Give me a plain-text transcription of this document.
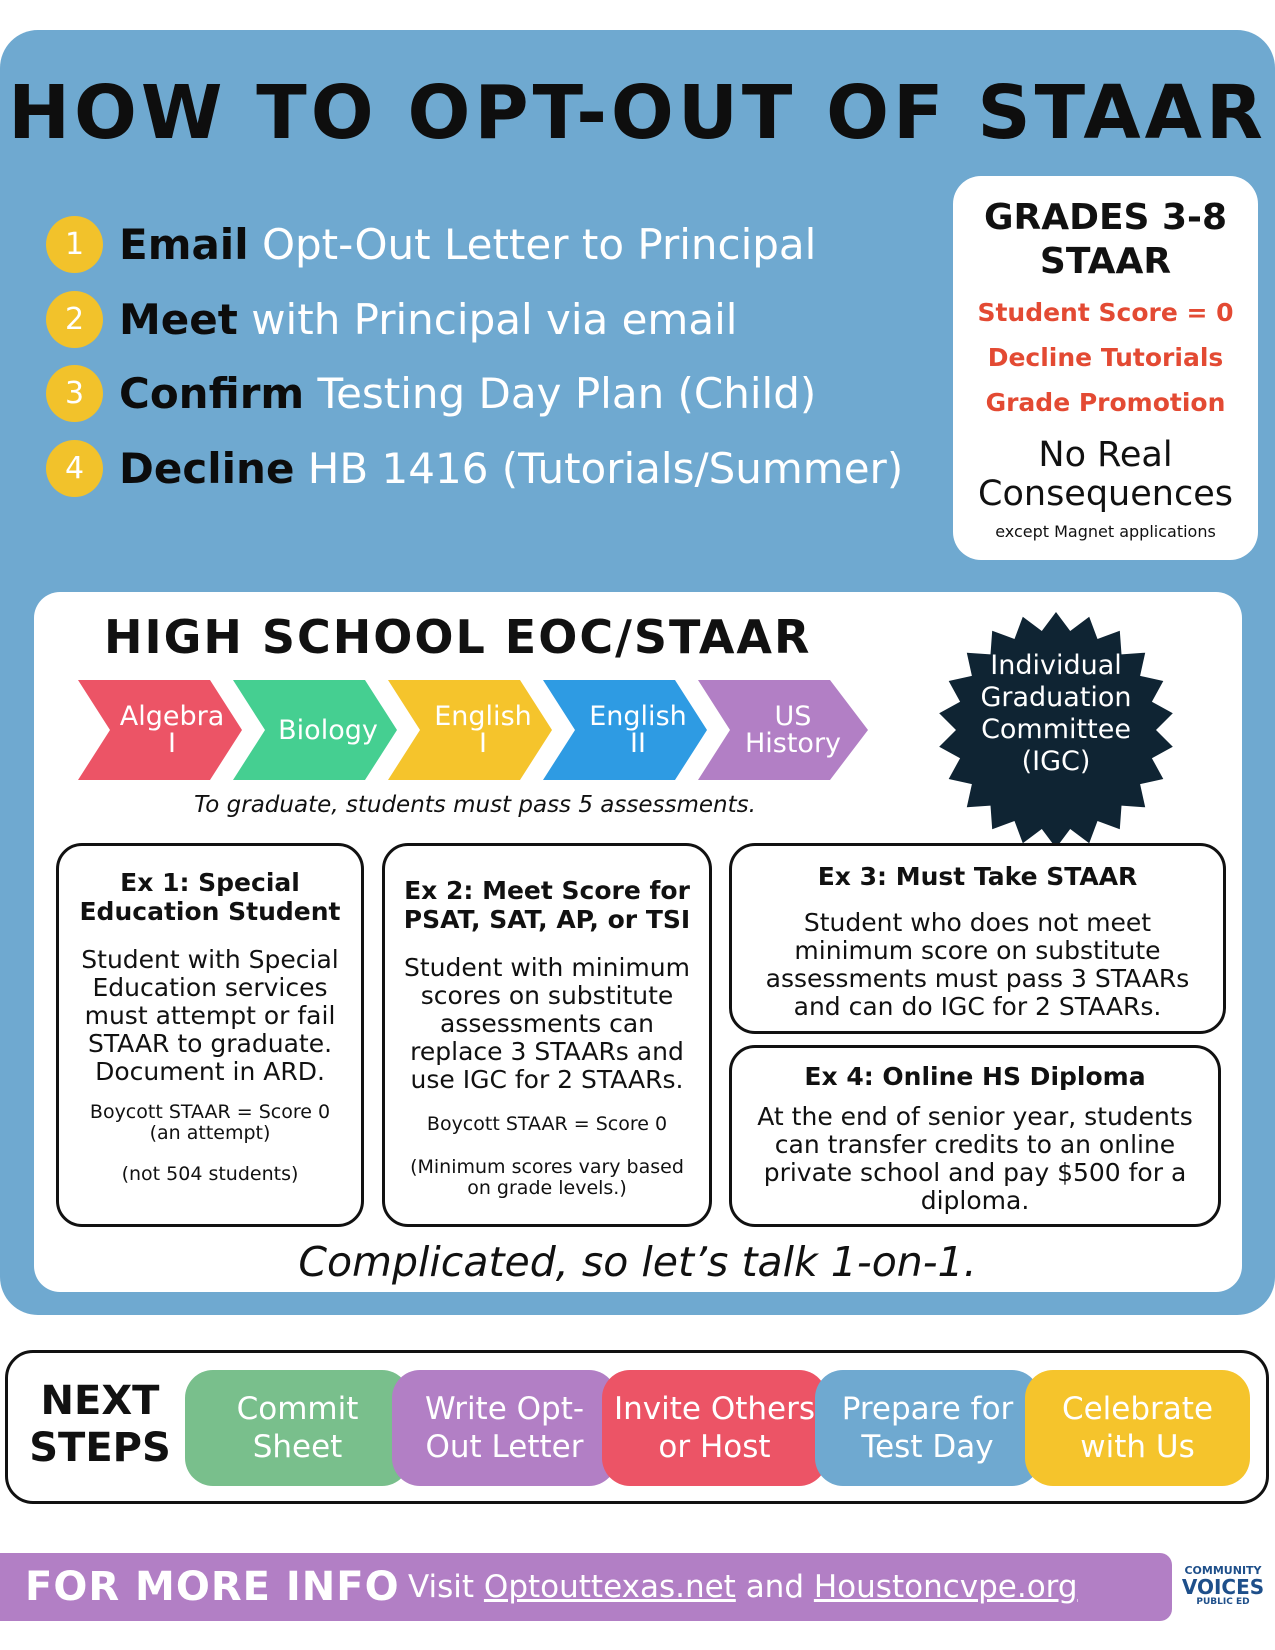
HOW TO OPT-OUT OF STAAR
1 Email Opt-Out Letter to Principal
2 Meet with Principal via email
3 Confirm Testing Day Plan (Child)
4 Decline HB 1416 (Tutorials/Summer)
GRADES 3-8
STAAR
Student Score = 0
Decline Tutorials
Grade Promotion
No Real
Consequences
except Magnet applications
HIGH SCHOOL EOC/STAAR
Algebra
I	Biology English
I
English
II
US
History
To graduate, students must pass 5 assessments.
Individual
Graduation
Committee
(IGC)
Ex 1: Special
Education Student
Student with Special
Education services
must attempt or fail
STAAR to graduate.
Document in ARD.
Boycott STAAR = Score 0
(an attempt)
(not 504 students)
Ex 2: Meet Score for
PSAT, SAT, AP, or TSI
Student with minimum
scores on substitute
assessments can
replace 3 STAARs and
use IGC for 2 STAARs.
Boycott STAAR = Score 0
(Minimum scores vary based
on grade levels.)
Ex 3: Must Take STAAR
Student who does not meet
minimum score on substitute
assessments must pass 3 STAARs
and can do IGC for 2 STAARs.
Ex 4: Online HS Diploma
At the end of senior year, students
can transfer credits to an online
private school and pay $500 for a
diploma.
Complicated, so let’s talk 1-on-1.
NEXT
STEPS
Commit
Sheet
Write Opt-
Out Letter
Invite Others
or Host
Prepare for
Test Day
Celebrate
with Us
FOR MORE INFO Visit Optouttexas.net and Houstoncvpe.org	COMMUNITY
VOICES
PUBLIC ED
